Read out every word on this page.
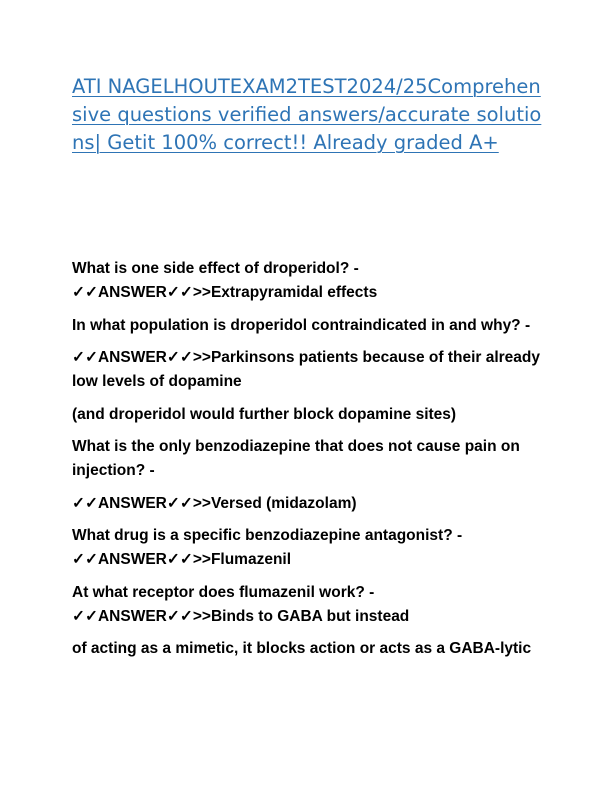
ATI NAGELHOUTEXAM2TEST2024/25Comprehensive questions verified answers/accurate solutions| Getit 100% correct!! Already graded A+

What is one side effect of droperidol? - ✓✓ANSWER✓✓>>Extrapyramidal effects

In what population is droperidol contraindicated in and why? -

✓✓ANSWER✓✓>>Parkinsons patients because of their already low levels of dopamine

(and droperidol would further block dopamine sites)

What is the only benzodiazepine that does not cause pain on injection? -

✓✓ANSWER✓✓>>Versed (midazolam)

What drug is a specific benzodiazepine antagonist? - ✓✓ANSWER✓✓>>Flumazenil

At what receptor does flumazenil work? - ✓✓ANSWER✓✓>>Binds to GABA but instead

of acting as a mimetic, it blocks action or acts as a GABA-lytic
